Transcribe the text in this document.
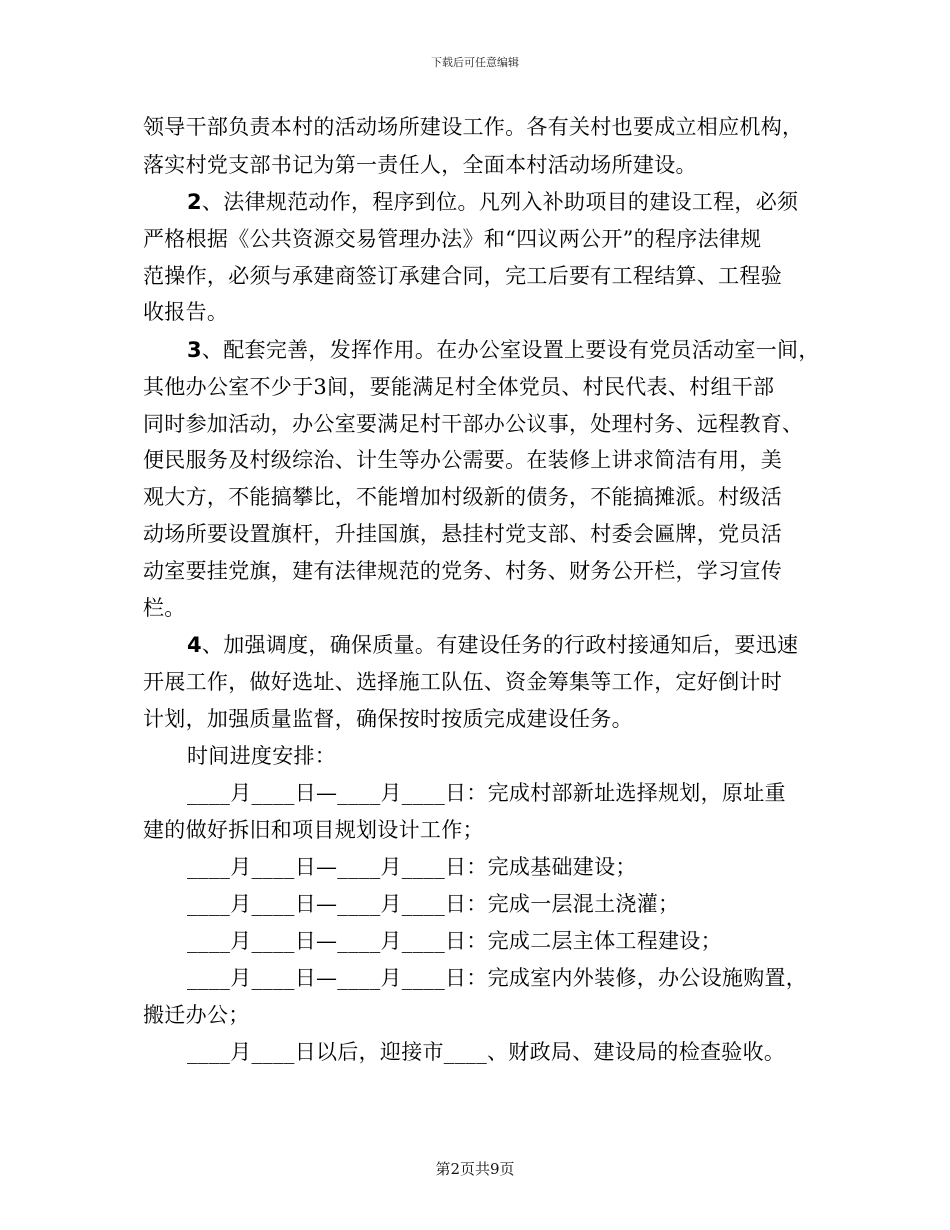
下载后可任意编辑
领导干部负责本村的活动场所建设工作。各有关村也要成立相应机构，
落实村党支部书记为第一责任人，全面本村活动场所建设。
2、法律规范动作，程序到位。凡列入补助项目的建设工程，必须
严格根据《公共资源交易管理办法》和“四议两公开”的程序法律规
范操作，必须与承建商签订承建合同，完工后要有工程结算、工程验
收报告。
3、配套完善，发挥作用。在办公室设置上要设有党员活动室一间，
其他办公室不少于3间，要能满足村全体党员、村民代表、村组干部
同时参加活动，办公室要满足村干部办公议事，处理村务、远程教育、
便民服务及村级综治、计生等办公需要。在装修上讲求简洁有用，美
观大方，不能搞攀比，不能增加村级新的债务，不能搞摊派。村级活
动场所要设置旗杆，升挂国旗，悬挂村党支部、村委会匾牌，党员活
动室要挂党旗，建有法律规范的党务、村务、财务公开栏，学习宣传
栏。
4、加强调度，确保质量。有建设任务的行政村接通知后，要迅速
开展工作，做好选址、选择施工队伍、资金筹集等工作，定好倒计时
计划，加强质量监督，确保按时按质完成建设任务。
时间进度安排：
____月____日—____月____日：完成村部新址选择规划，原址重
建的做好拆旧和项目规划设计工作；
____月____日—____月____日：完成基础建设；
____月____日—____月____日：完成一层混土浇灌；
____月____日—____月____日：完成二层主体工程建设；
____月____日—____月____日：完成室内外装修，办公设施购置，
搬迁办公；
____月____日以后，迎接市____、财政局、建设局的检查验收。
第2页共9页
